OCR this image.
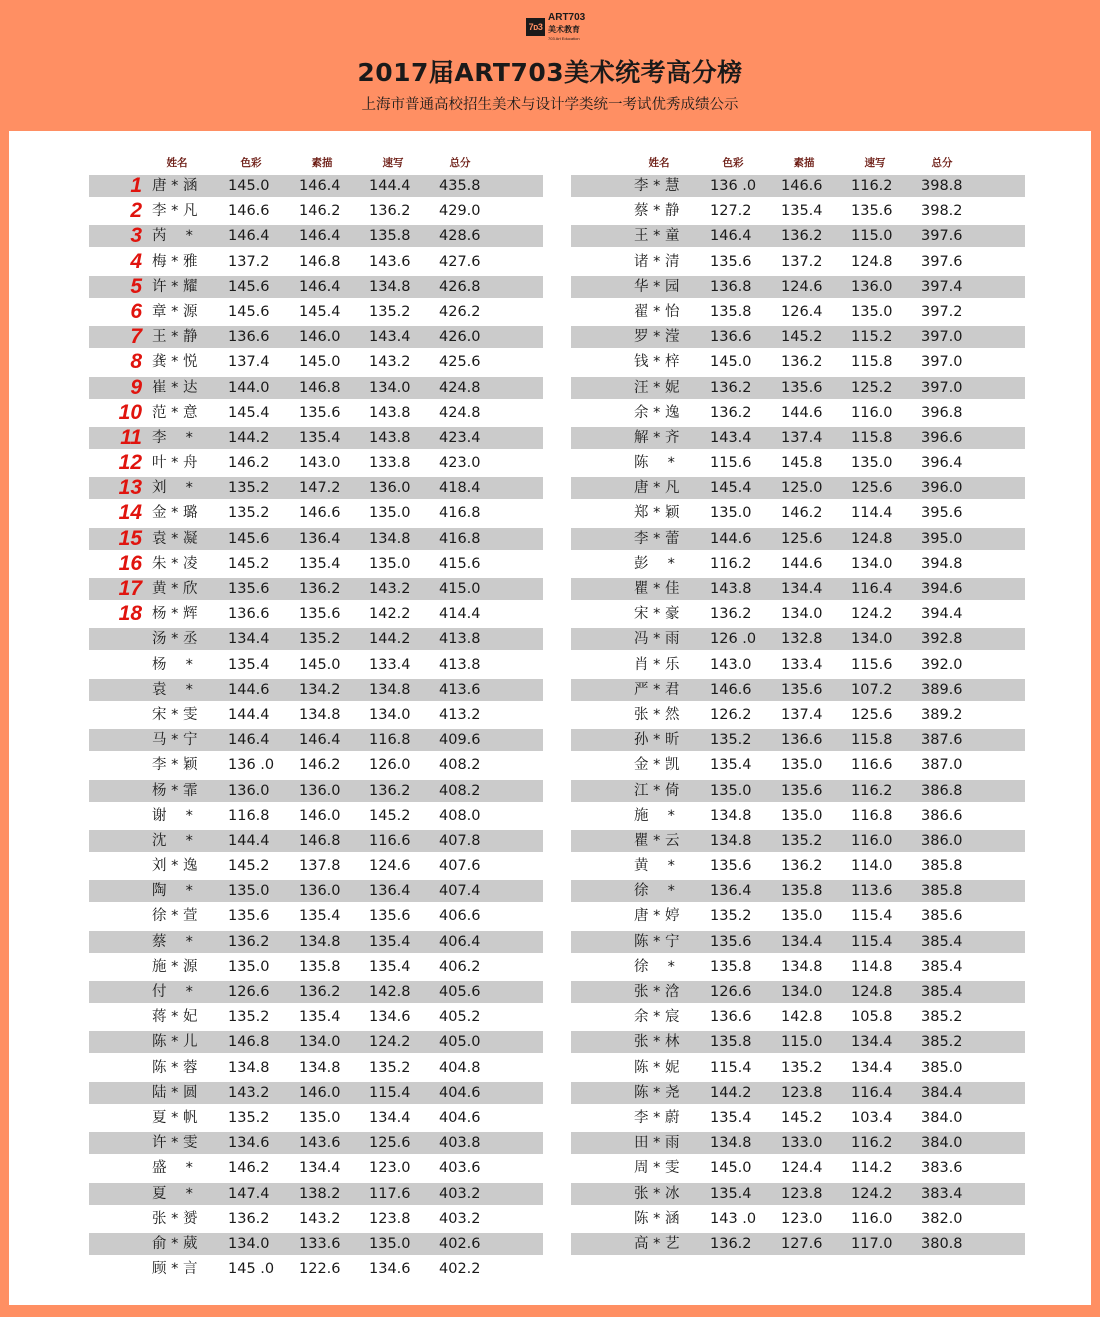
7ᴅ3
ART703
美术教育
703 Art Education
2017届ART703美术统考高分榜
上海市普通高校招生美术与设计学类统一考试优秀成绩公示
姓名	色彩	素描	速写	总分
1 唐 * 涵 145.0 146.4 144.4 435.8
2 李 * 凡 146.6 146.2 136.2 429.0
3 芮　 * 146.4 146.4 135.8 428.6
4 梅 * 雅 137.2 146.8 143.6 427.6
5 许 * 耀 145.6 146.4 134.8 426.8
6 章 * 源 145.6 145.4 135.2 426.2
7 王 * 静 136.6 146.0 143.4 426.0
8 龚 * 悦 137.4 145.0 143.2 425.6
9 崔 * 达 144.0 146.8 134.0 424.8
10 范 * 意 145.4 135.6 143.8 424.8
11 李　 * 144.2 135.4 143.8 423.4
12 叶 * 舟 146.2 143.0 133.8 423.0
13 刘　 * 135.2 147.2 136.0 418.4
14 金 * 璐 135.2 146.6 135.0 416.8
15 袁 * 凝 145.6 136.4 134.8 416.8
16 朱 * 凌 145.2 135.4 135.0 415.6
17 黄 * 欣 135.6 136.2 143.2 415.0
18 杨 * 辉 136.6 135.6 142.2 414.4
汤 * 丞 134.4 135.2 144.2 413.8
杨　 * 135.4 145.0 133.4 413.8
袁　 * 144.6 134.2 134.8 413.6
宋 * 雯 144.4 134.8 134.0 413.2
马 * 宁 146.4 146.4 116.8 409.6
李 * 颖 136 .0 146.2 126.0 408.2
杨 * 霏 136.0 136.0 136.2 408.2
谢　 * 116.8 146.0 145.2 408.0
沈　 * 144.4 146.8 116.6 407.8
刘 * 逸 145.2 137.8 124.6 407.6
陶　 * 135.0 136.0 136.4 407.4
徐 * 萱 135.6 135.4 135.6 406.6
蔡　 * 136.2 134.8 135.4 406.4
施 * 源 135.0 135.8 135.4 406.2
付　 * 126.6 136.2 142.8 405.6
蒋 * 妃 135.2 135.4 134.6 405.2
陈 * 儿 146.8 134.0 124.2 405.0
陈 * 蓉 134.8 134.8 135.2 404.8
陆 * 圆 143.2 146.0 115.4 404.6
夏 * 帆 135.2 135.0 134.4 404.6
许 * 雯 134.6 143.6 125.6 403.8
盛　 * 146.2 134.4 123.0 403.6
夏　 * 147.4 138.2 117.6 403.2
张 * 赟 136.2 143.2 123.8 403.2
俞 * 葳 134.0 133.6 135.0 402.6
顾 * 言 145 .0 122.6 134.6 402.2
姓名	色彩	素描	速写	总分
李 * 慧 136 .0 146.6 116.2 398.8
蔡 * 静 127.2 135.4 135.6 398.2
王 * 童 146.4 136.2 115.0 397.6
诸 * 清 135.6 137.2 124.8 397.6
华 * 园 136.8 124.6 136.0 397.4
翟 * 怡 135.8 126.4 135.0 397.2
罗 * 滢 136.6 145.2 115.2 397.0
钱 * 梓 145.0 136.2 115.8 397.0
汪 * 妮 136.2 135.6 125.2 397.0
余 * 逸 136.2 144.6 116.0 396.8
解 * 齐 143.4 137.4 115.8 396.6
陈　 * 115.6 145.8 135.0 396.4
唐 * 凡 145.4 125.0 125.6 396.0
郑 * 颖 135.0 146.2 114.4 395.6
李 * 蕾 144.6 125.6 124.8 395.0
彭　 * 116.2 144.6 134.0 394.8
瞿 * 佳 143.8 134.4 116.4 394.6
宋 * 豪 136.2 134.0 124.2 394.4
冯 * 雨 126 .0 132.8 134.0 392.8
肖 * 乐 143.0 133.4 115.6 392.0
严 * 君 146.6 135.6 107.2 389.6
张 * 然 126.2 137.4 125.6 389.2
孙 * 昕 135.2 136.6 115.8 387.6
金 * 凯 135.4 135.0 116.6 387.0
江 * 倚 135.0 135.6 116.2 386.8
施　 * 134.8 135.0 116.8 386.6
瞿 * 云 134.8 135.2 116.0 386.0
黄　 * 135.6 136.2 114.0 385.8
徐　 * 136.4 135.8 113.6 385.8
唐 * 婷 135.2 135.0 115.4 385.6
陈 * 宁 135.6 134.4 115.4 385.4
徐　 * 135.8 134.8 114.8 385.4
张 * 浛 126.6 134.0 124.8 385.4
余 * 宸 136.6 142.8 105.8 385.2
张 * 林 135.8 115.0 134.4 385.2
陈 * 妮 115.4 135.2 134.4 385.0
陈 * 尧 144.2 123.8 116.4 384.4
李 * 蔚 135.4 145.2 103.4 384.0
田 * 雨 134.8 133.0 116.2 384.0
周 * 雯 145.0 124.4 114.2 383.6
张 * 冰 135.4 123.8 124.2 383.4
陈 * 涵 143 .0 123.0 116.0 382.0
高 * 艺 136.2 127.6 117.0 380.8
